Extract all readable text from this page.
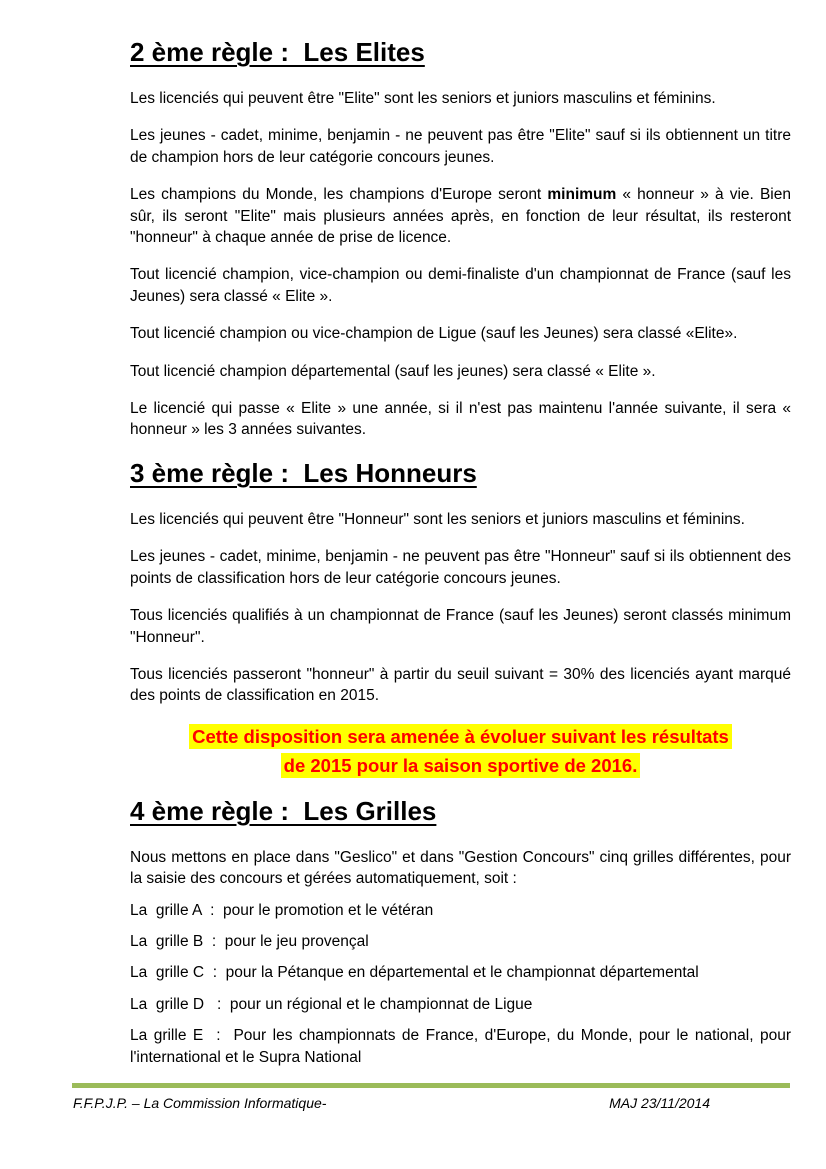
2 ème règle :  Les Elites

Les licenciés qui peuvent être "Elite" sont les seniors et juniors masculins et féminins.

Les jeunes - cadet, minime, benjamin - ne peuvent pas être "Elite" sauf si ils obtiennent un titre de champion hors de leur catégorie concours jeunes.

Les champions du Monde, les champions d'Europe seront minimum « honneur » à vie. Bien sûr, ils seront "Elite" mais plusieurs années après, en fonction de leur résultat, ils resteront "honneur" à chaque année de prise de licence.

Tout licencié champion, vice-champion ou demi-finaliste d'un championnat de France (sauf les Jeunes) sera classé « Elite ».

Tout licencié champion ou vice-champion de Ligue (sauf les Jeunes) sera classé «Elite».

Tout licencié champion départemental (sauf les jeunes) sera classé « Elite ».

Le licencié qui passe « Elite » une année, si il n'est pas maintenu l'année suivante, il sera « honneur » les 3 années suivantes.

3 ème règle :  Les Honneurs

Les licenciés qui peuvent être "Honneur" sont les seniors et juniors masculins et féminins.

Les jeunes - cadet, minime, benjamin - ne peuvent pas être "Honneur" sauf si ils obtiennent des points de classification hors de leur catégorie concours jeunes.

Tous licenciés qualifiés à un championnat de France (sauf les Jeunes) seront classés minimum "Honneur".

Tous licenciés passeront "honneur" à partir du seuil suivant = 30% des licenciés ayant marqué des points de classification en 2015.

Cette disposition sera amenée à évoluer suivant les résultats
de 2015 pour la saison sportive de 2016.
4 ème règle :  Les Grilles

Nous mettons en place dans "Geslico" et dans "Gestion Concours" cinq grilles différentes, pour la saisie des concours et gérées automatiquement, soit :

La  grille A  :  pour le promotion et le vétéran

La  grille B  :  pour le jeu provençal

La  grille C  :  pour la Pétanque en départemental et le championnat départemental

La  grille D   :  pour un régional et le championnat de Ligue

La grille E  :  Pour les championnats de France, d'Europe, du Monde, pour le national, pour l'international et le Supra National

F.F.P.J.P. – La Commission Informatique-	MAJ 23/11/2014
